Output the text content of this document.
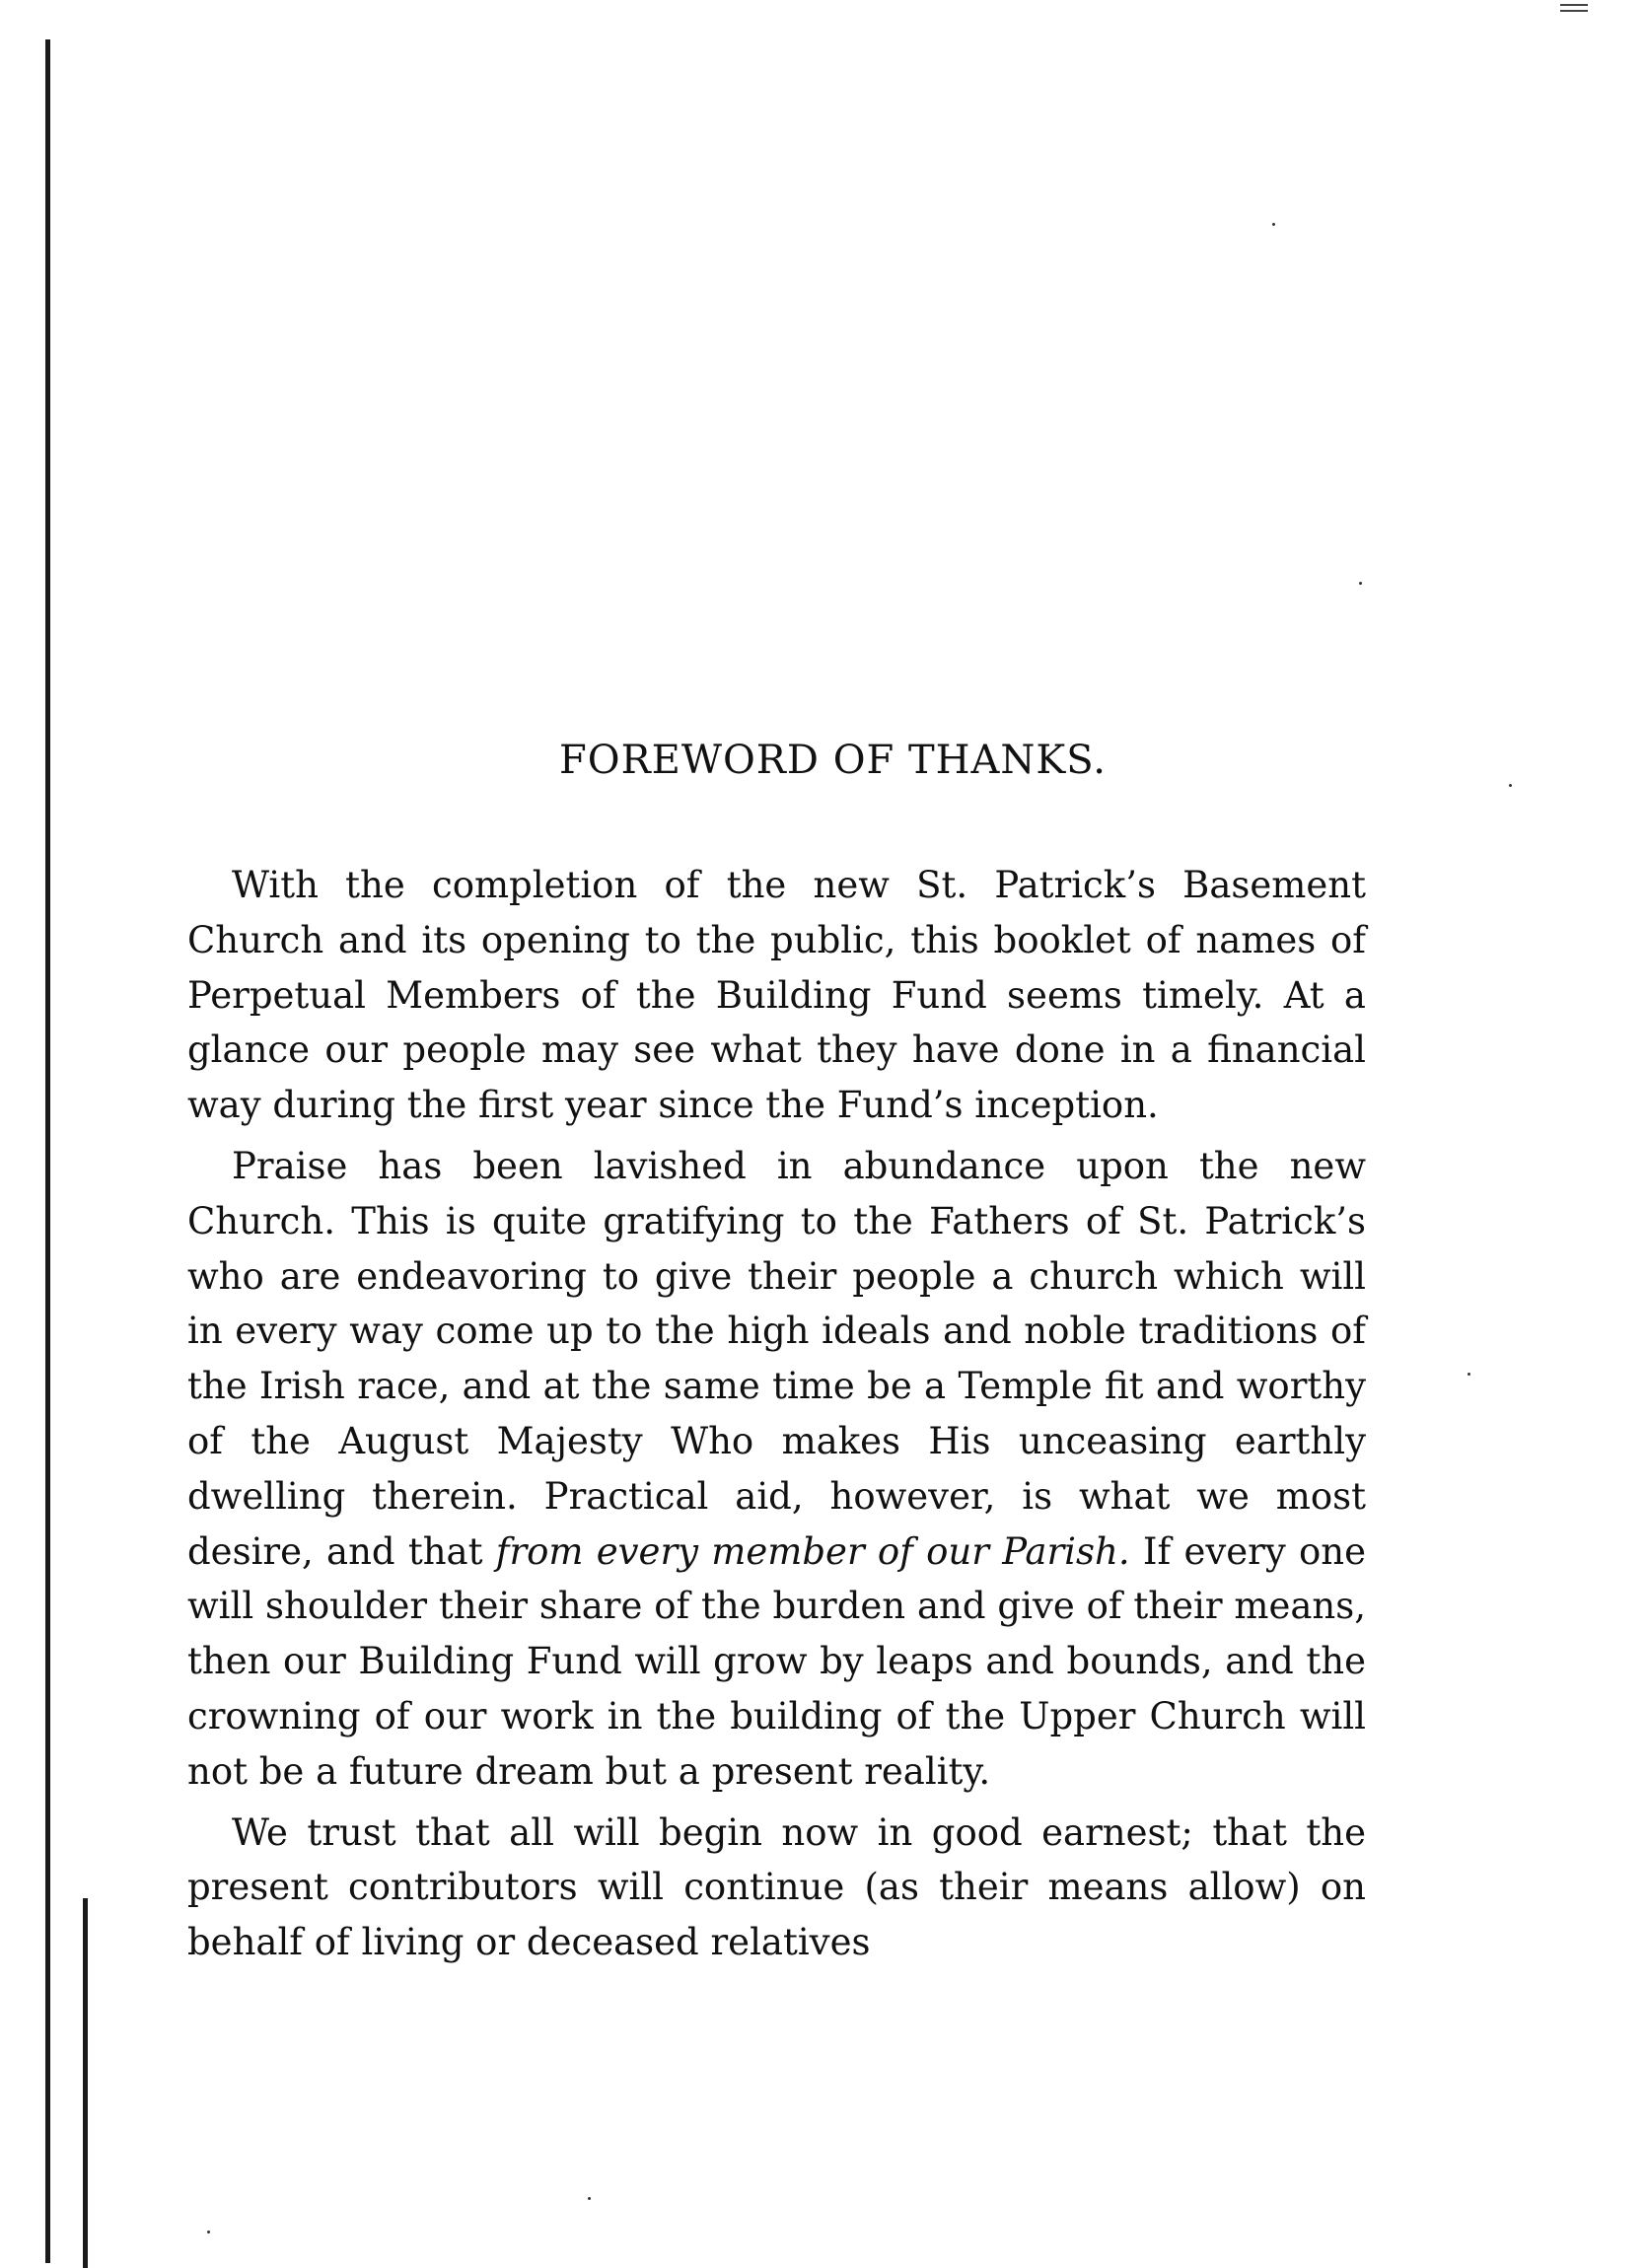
FOREWORD OF THANKS.

With the completion of the new St. Patrick’s Basement Church and its opening to the public, this booklet of names of Perpetual Members of the Building Fund seems timely. At a glance our people may see what they have done in a financial way during the first year since the Fund’s inception.

Praise has been lavished in abundance upon the new Church. This is quite gratifying to the Fathers of St. Patrick’s who are endeavoring to give their people a church which will in every way come up to the high ideals and noble traditions of the Irish race, and at the same time be a Temple fit and worthy of the August Majesty Who makes His unceasing earthly dwelling therein. Practical aid, however, is what we most desire, and that from every member of our Parish. If every one will shoulder their share of the burden and give of their means, then our Building Fund will grow by leaps and bounds, and the crowning of our work in the building of the Upper Church will not be a future dream but a present reality.

We trust that all will begin now in good earnest; that the present contributors will continue (as their means allow) on behalf of living or deceased relatives
